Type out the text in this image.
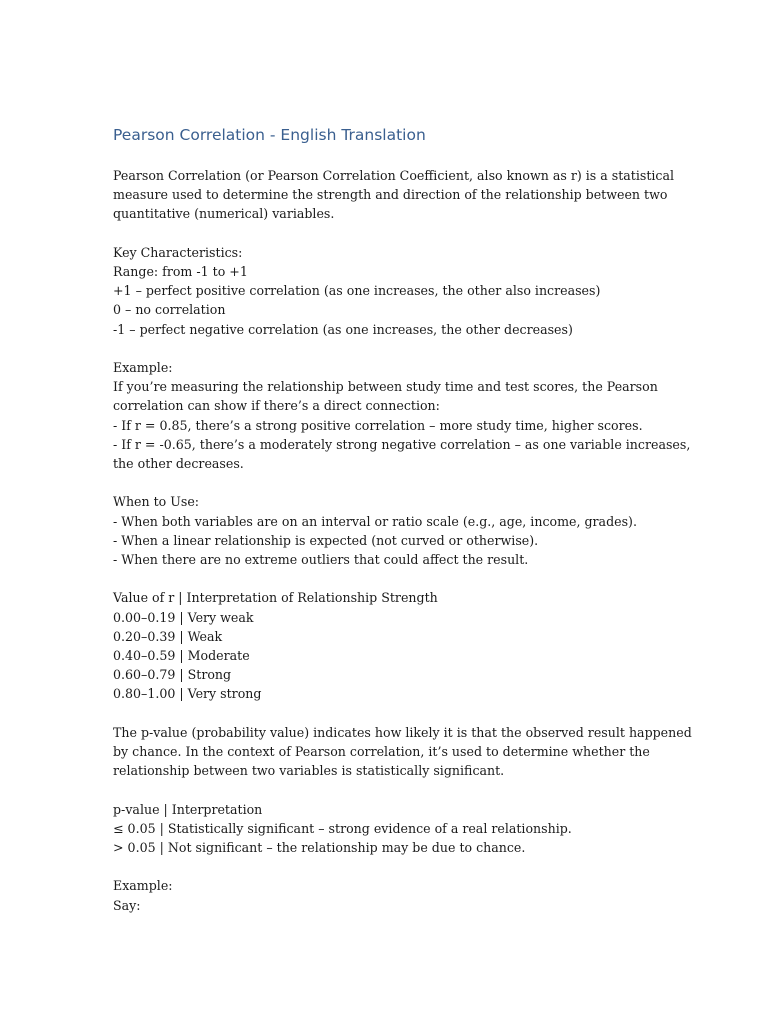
Pearson Correlation - English Translation
Pearson Correlation (or Pearson Correlation Coefficient, also known as r) is a statistical
measure used to determine the strength and direction of the relationship between two
quantitative (numerical) variables.
Key Characteristics:
Range: from -1 to +1
+1 – perfect positive correlation (as one increases, the other also increases)
0 – no correlation
-1 – perfect negative correlation (as one increases, the other decreases)
Example:
If you’re measuring the relationship between study time and test scores, the Pearson
correlation can show if there’s a direct connection:
- If r = 0.85, there’s a strong positive correlation – more study time, higher scores.
- If r = -0.65, there’s a moderately strong negative correlation – as one variable increases,
the other decreases.
When to Use:
- When both variables are on an interval or ratio scale (e.g., age, income, grades).
- When a linear relationship is expected (not curved or otherwise).
- When there are no extreme outliers that could affect the result.
Value of r | Interpretation of Relationship Strength
0.00–0.19 | Very weak
0.20–0.39 | Weak
0.40–0.59 | Moderate
0.60–0.79 | Strong
0.80–1.00 | Very strong
The p-value (probability value) indicates how likely it is that the observed result happened
by chance. In the context of Pearson correlation, it’s used to determine whether the
relationship between two variables is statistically significant.
p-value | Interpretation
≤ 0.05 | Statistically significant – strong evidence of a real relationship.
> 0.05 | Not significant – the relationship may be due to chance.
Example:
Say:
